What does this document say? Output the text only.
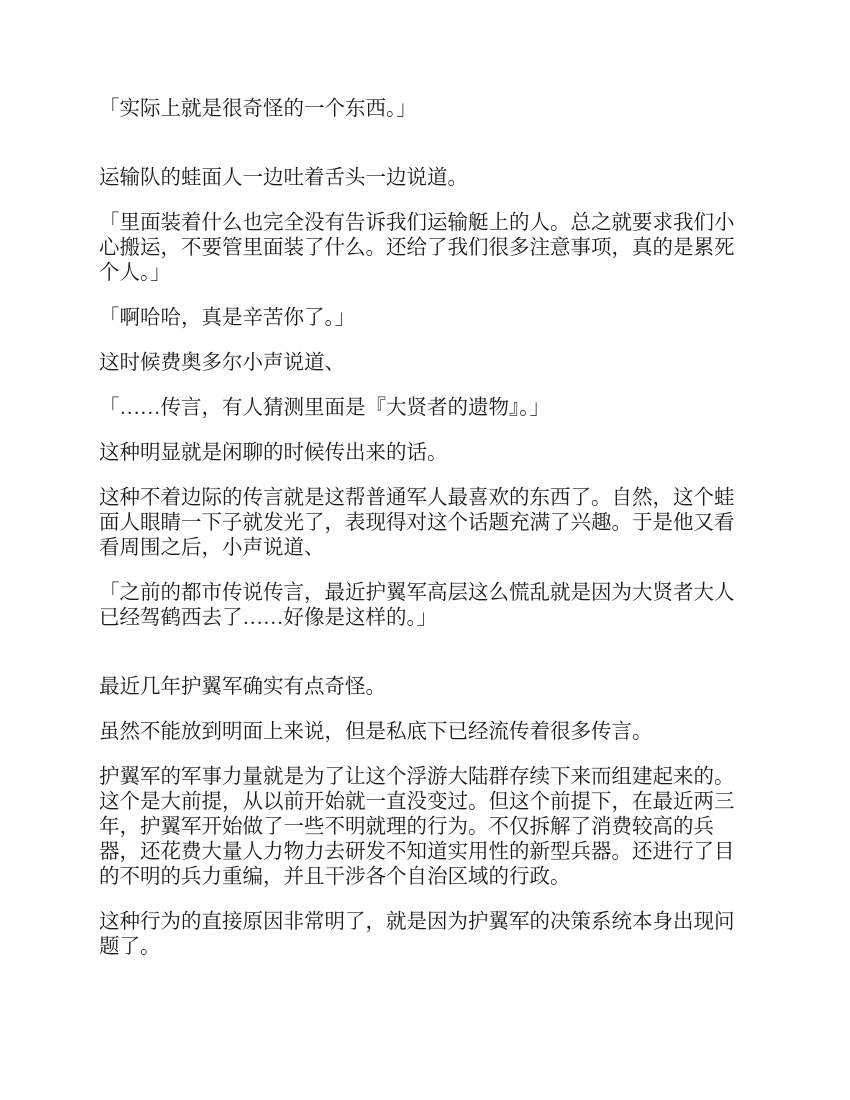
「实际上就是很奇怪的一个东西。」

运输队的蛙面人一边吐着舌头一边说道。

「里面装着什么也完全没有告诉我们运输艇上的人。总之就要求我们小心搬运，不要管里面装了什么。还给了我们很多注意事项，真的是累死个人。」

「啊哈哈，真是辛苦你了。」

这时候费奥多尔小声说道、

「……传言，有人猜测里面是『大贤者的遗物』。」

这种明显就是闲聊的时候传出来的话。

这种不着边际的传言就是这帮普通军人最喜欢的东西了。自然，这个蛙面人眼睛一下子就发光了，表现得对这个话题充满了兴趣。于是他又看看周围之后，小声说道、

「之前的都市传说传言，最近护翼军高层这么慌乱就是因为大贤者大人已经驾鹤西去了……好像是这样的。」

最近几年护翼军确实有点奇怪。

虽然不能放到明面上来说，但是私底下已经流传着很多传言。

护翼军的军事力量就是为了让这个浮游大陆群存续下来而组建起来的。这个是大前提，从以前开始就一直没变过。但这个前提下，在最近两三年，护翼军开始做了一些不明就理的行为。不仅拆解了消费较高的兵器，还花费大量人力物力去研发不知道实用性的新型兵器。还进行了目的不明的兵力重编，并且干涉各个自治区域的行政。

这种行为的直接原因非常明了，就是因为护翼军的决策系统本身出现问题了。
